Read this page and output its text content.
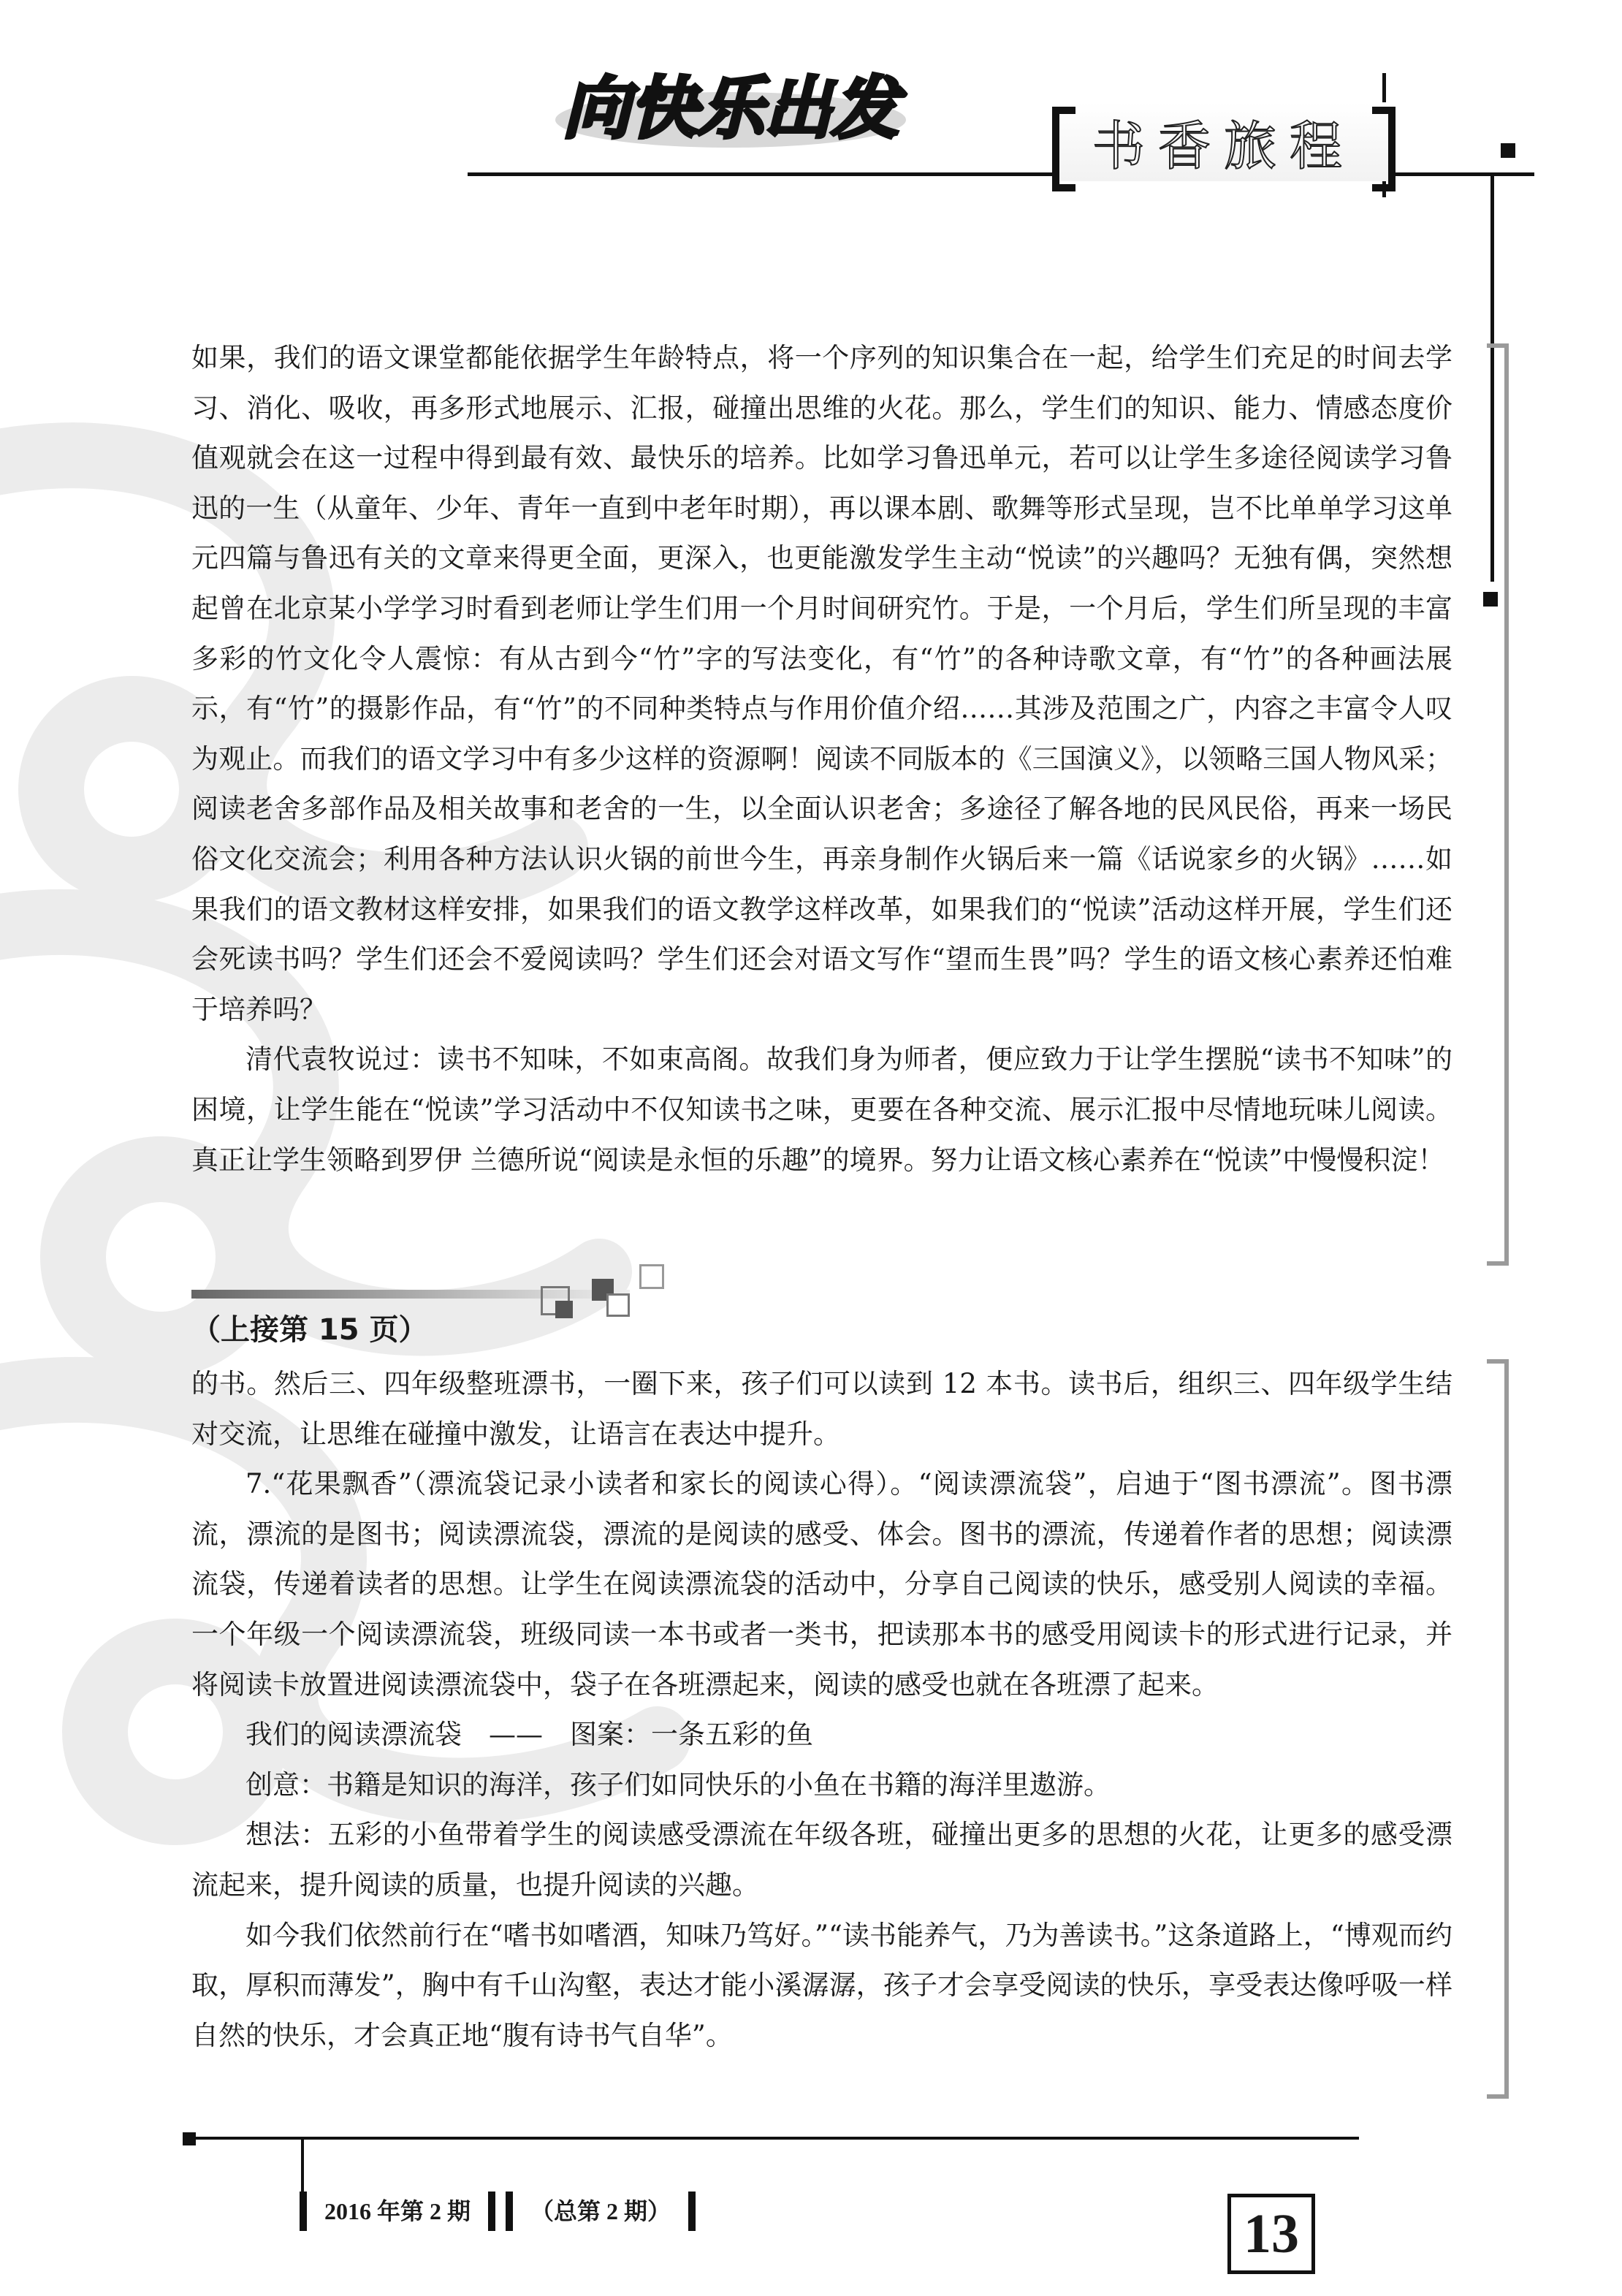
向快乐出发	书香旅程

如果，我们的语文课堂都能依据学生年龄特点，将一个序列的知识集合在一起，给学生们充足的时间去学习、消化、吸收，再多形式地展示、汇报，碰撞出思维的火花。那么，学生们的知识、能力、情感态度价值观就会在这一过程中得到最有效、最快乐的培养。比如学习鲁迅单元，若可以让学生多途径阅读学习鲁迅的一生（从童年、少年、青年一直到中老年时期），再以课本剧、歌舞等形式呈现，岂不比单单学习这单元四篇与鲁迅有关的文章来得更全面，更深入，也更能激发学生主动“悦读”的兴趣吗？无独有偶，突然想起曾在北京某小学学习时看到老师让学生们用一个月时间研究竹。于是，一个月后，学生们所呈现的丰富多彩的竹文化令人震惊：有从古到今“竹”字的写法变化，有“竹”的各种诗歌文章，有“竹”的各种画法展示，有“竹”的摄影作品，有“竹”的不同种类特点与作用价值介绍……其涉及范围之广，内容之丰富令人叹为观止。而我们的语文学习中有多少这样的资源啊！阅读不同版本的《三国演义》，以领略三国人物风采；阅读老舍多部作品及相关故事和老舍的一生，以全面认识老舍；多途径了解各地的民风民俗，再来一场民俗文化交流会；利用各种方法认识火锅的前世今生，再亲身制作火锅后来一篇《话说家乡的火锅》……如果我们的语文教材这样安排，如果我们的语文教学这样改革，如果我们的“悦读”活动这样开展，学生们还会死读书吗？学生们还会不爱阅读吗？学生们还会对语文写作“望而生畏”吗？学生的语文核心素养还怕难于培养吗？

清代袁牧说过：读书不知味，不如束高阁。故我们身为师者，便应致力于让学生摆脱“读书不知味”的困境，让学生能在“悦读”学习活动中不仅知读书之味，更要在各种交流、展示汇报中尽情地玩味儿阅读。真正让学生领略到罗伊 兰德所说“阅读是永恒的乐趣”的境界。努力让语文核心素养在“悦读”中慢慢积淀！

（上接第 15 页）

的书。然后三、四年级整班漂书，一圈下来，孩子们可以读到 12 本书。读书后，组织三、四年级学生结对交流，让思维在碰撞中激发，让语言在表达中提升。

7.“花果飘香”（漂流袋记录小读者和家长的阅读心得）。“阅读漂流袋”，启迪于“图书漂流”。图书漂流，漂流的是图书；阅读漂流袋，漂流的是阅读的感受、体会。图书的漂流，传递着作者的思想；阅读漂流袋，传递着读者的思想。让学生在阅读漂流袋的活动中，分享自己阅读的快乐，感受别人阅读的幸福。一个年级一个阅读漂流袋，班级同读一本书或者一类书，把读那本书的感受用阅读卡的形式进行记录，并将阅读卡放置进阅读漂流袋中，袋子在各班漂起来，阅读的感受也就在各班漂了起来。

我们的阅读漂流袋　——　图案：一条五彩的鱼

创意：书籍是知识的海洋，孩子们如同快乐的小鱼在书籍的海洋里遨游。

想法：五彩的小鱼带着学生的阅读感受漂流在年级各班，碰撞出更多的思想的火花，让更多的感受漂流起来，提升阅读的质量，也提升阅读的兴趣。

如今我们依然前行在“嗜书如嗜酒，知味乃笃好。”“读书能养气，乃为善读书。”这条道路上，“博观而约取，厚积而薄发”，胸中有千山沟壑，表达才能小溪潺潺，孩子才会享受阅读的快乐，享受表达像呼吸一样自然的快乐，才会真正地“腹有诗书气自华”。

2016 年第 2 期	（总第 2 期）	13
